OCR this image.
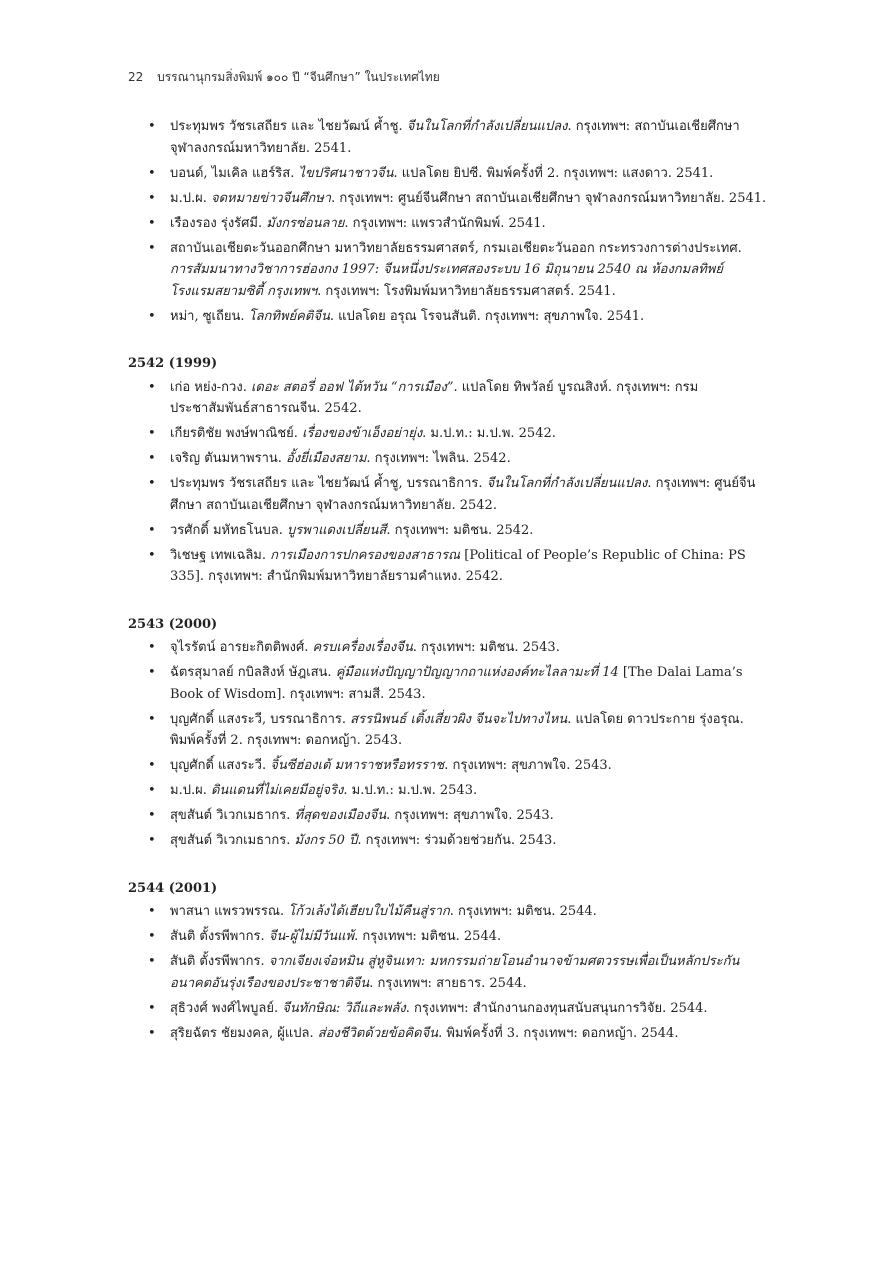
22 บรรณานุกรมสิ่งพิมพ์ ๑๐๐ ปี “จีนศึกษา” ในประเทศไทย
• ประทุมพร วัชรเสถียร และ ไชยวัฒน์ ค้ำชู. จีนในโลกที่กำลังเปลี่ยนแปลง. กรุงเทพฯ: สถาบันเอเชียศึกษา จุฬาลงกรณ์มหาวิทยาลัย. 2541.
• บอนด์, ไมเคิล แฮร์ริส. ไขปริศนาชาวจีน. แปลโดย ยิปซี. พิมพ์ครั้งที่ 2. กรุงเทพฯ: แสงดาว. 2541.
• ม.ป.ผ. จดหมายข่าวจีนศึกษา. กรุงเทพฯ: ศูนย์จีนศึกษา สถาบันเอเชียศึกษา จุฬาลงกรณ์มหาวิทยาลัย. 2541.
• เรืองรอง รุ่งรัศมี. มังกรซ่อนลาย. กรุงเทพฯ: แพรวสำนักพิมพ์. 2541.
• สถาบันเอเชียตะวันออกศึกษา มหาวิทยาลัยธรรมศาสตร์, กรมเอเชียตะวันออก กระทรวงการต่างประเทศ. การสัมมนาทางวิชาการฮ่องกง 1997: จีนหนึ่งประเทศสองระบบ 16 มิถุนายน 2540 ณ ห้องกมลทิพย์ โรงแรมสยามซิตี้ กรุงเทพฯ. กรุงเทพฯ: โรงพิมพ์มหาวิทยาลัยธรรมศาสตร์. 2541.
• หม่า, ซูเถียน. โลกทิพย์คติจีน. แปลโดย อรุณ โรจนสันติ. กรุงเทพฯ: สุขภาพใจ. 2541.
2542 (1999)
• เก่อ หย่ง-กวง. เดอะ สตอรี่ ออฟ ไต้หวัน “การเมือง”. แปลโดย ทิพวัลย์ บูรณสิงห์. กรุงเทพฯ: กรมประชาสัมพันธ์สาธารณจีน. 2542.
• เกียรติชัย พงษ์พาณิชย์. เรื่องของข้าเอ็งอย่ายุ่ง. ม.ป.ท.: ม.ป.พ. 2542.
• เจริญ ตันมหาพราน. อั้งยี่เมืองสยาม. กรุงเทพฯ: ไพลิน. 2542.
• ประทุมพร วัชรเสถียร และ ไชยวัฒน์ ค้ำชู, บรรณาธิการ. จีนในโลกที่กำลังเปลี่ยนแปลง. กรุงเทพฯ: ศูนย์จีนศึกษา สถาบันเอเชียศึกษา จุฬาลงกรณ์มหาวิทยาลัย. 2542.
• วรศักดิ์ มหัทธโนบล. บูรพาแดงเปลี่ยนสี. กรุงเทพฯ: มติชน. 2542.
• วิเชษฐ เทพเฉลิม. การเมืองการปกครองของสาธารณ [Political of People’s Republic of China: PS 335]. กรุงเทพฯ: สำนักพิมพ์มหาวิทยาลัยรามคำแหง. 2542.
2543 (2000)
• จุไรรัตน์ อารยะกิตติพงศ์. ครบเครื่องเรื่องจีน. กรุงเทพฯ: มติชน. 2543.
• ฉัตรสุมาลย์ กบิลสิงห์ ษัฎเสน. คู่มือแห่งปัญญาปัญญากถาแห่งองค์ทะไลลามะที่ 14 [The Dalai Lama’s Book of Wisdom]. กรุงเทพฯ: สามสี. 2543.
• บุญศักดิ์ แสงระวี, บรรณาธิการ. สรรนิพนธ์ เติ้งเสี่ยวผิง จีนจะไปทางไหน. แปลโดย ดาวประกาย รุ่งอรุณ. พิมพ์ครั้งที่ 2. กรุงเทพฯ: ดอกหญ้า. 2543.
• บุญศักดิ์ แสงระวี. จิ้นซีฮ่องเต้ มหาราชหรือทรราช. กรุงเทพฯ: สุขภาพใจ. 2543.
• ม.ป.ผ. ดินแดนที่ไม่เคยมีอยู่จริง. ม.ป.ท.: ม.ป.พ. 2543.
• สุขสันต์ วิเวกเมธากร. ที่สุดของเมืองจีน. กรุงเทพฯ: สุขภาพใจ. 2543.
• สุขสันต์ วิเวกเมธากร. มังกร 50 ปี. กรุงเทพฯ: ร่วมด้วยช่วยกัน. 2543.
2544 (2001)
• พาสนา แพรวพรรณ. โก้วเล้งได้เฮียบใบไม้คืนสู่ราก. กรุงเทพฯ: มติชน. 2544.
• สันติ ตั้งรพีพากร. จีน-ผู้ไม่มีวันแพ้. กรุงเทพฯ: มติชน. 2544.
• สันติ ตั้งรพีพากร. จากเจียงเจ๋อหมิน สู่หูจินเทา: มหกรรมถ่ายโอนอำนาจข้ามศตวรรษเพื่อเป็นหลักประกันอนาคตอันรุ่งเรืองของประชาชาติจีน. กรุงเทพฯ: สายธาร. 2544.
• สุธิวงศ์ พงศ์ไพบูลย์. จีนทักษิณ: วิถีและพลัง. กรุงเทพฯ: สำนักงานกองทุนสนับสนุนการวิจัย. 2544.
• สุริยฉัตร ชัยมงคล, ผู้แปล. ส่องชีวิตด้วยข้อคิดจีน. พิมพ์ครั้งที่ 3. กรุงเทพฯ: ดอกหญ้า. 2544.
